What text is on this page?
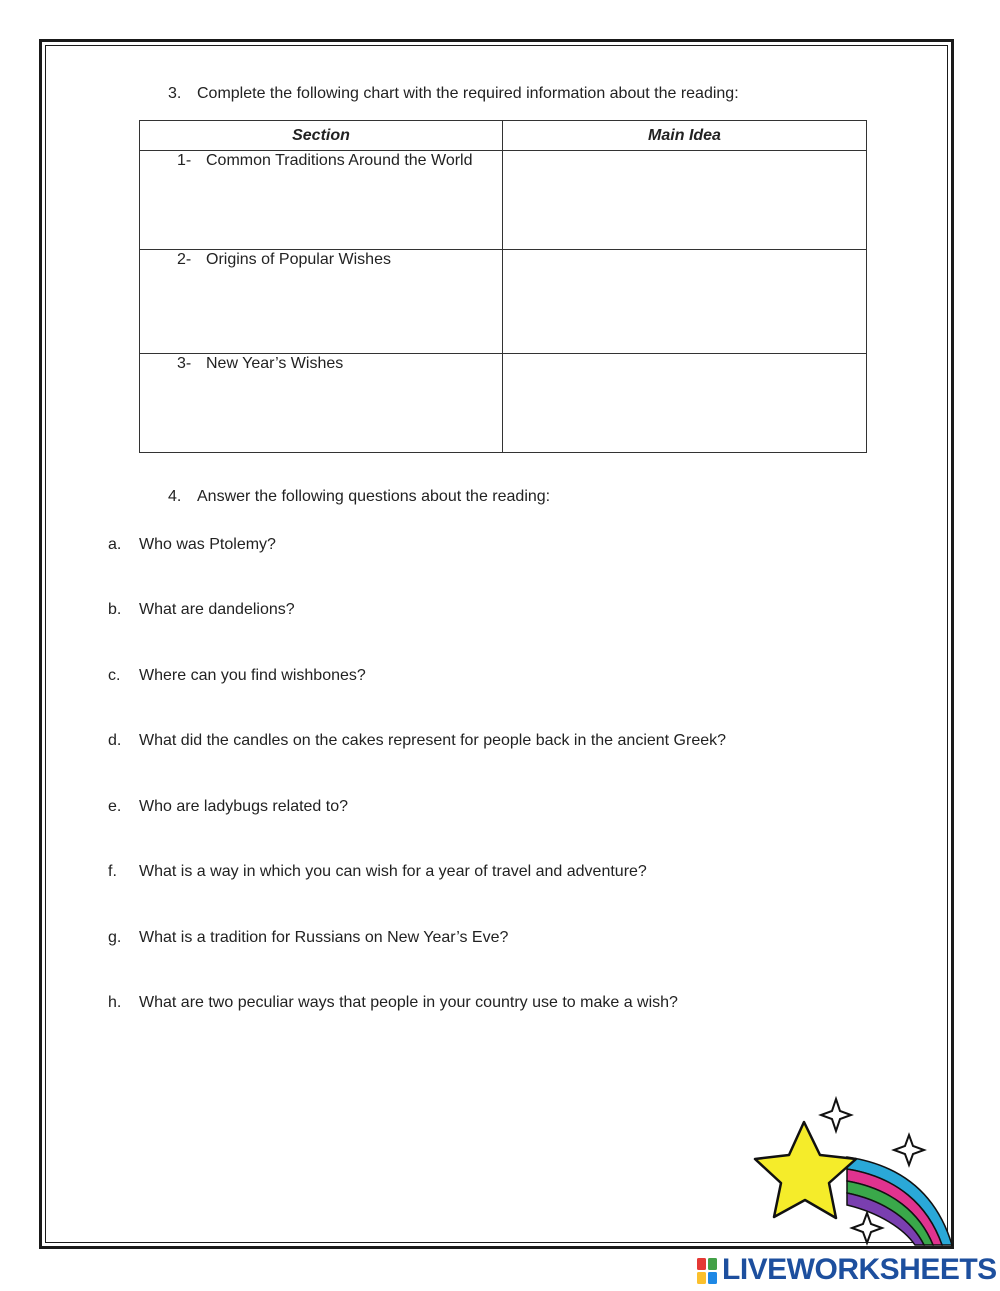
3. Complete the following chart with the required information about the reading:
Section	Main Idea

1- Common Traditions Around the World	

2- Origins of Popular Wishes	

3- New Year’s Wishes	

4. Answer the following questions about the reading:
a. Who was Ptolemy?
b. What are dandelions?
c. Where can you find wishbones?
d. What did the candles on the cakes represent for people back in the ancient Greek?
e. Who are ladybugs related to?
f. What is a way in which you can wish for a year of travel and adventure?
g. What is a tradition for Russians on New Year’s Eve?
h. What are two peculiar ways that people in your country use to make a wish?
LIVEWORKSHEETS
